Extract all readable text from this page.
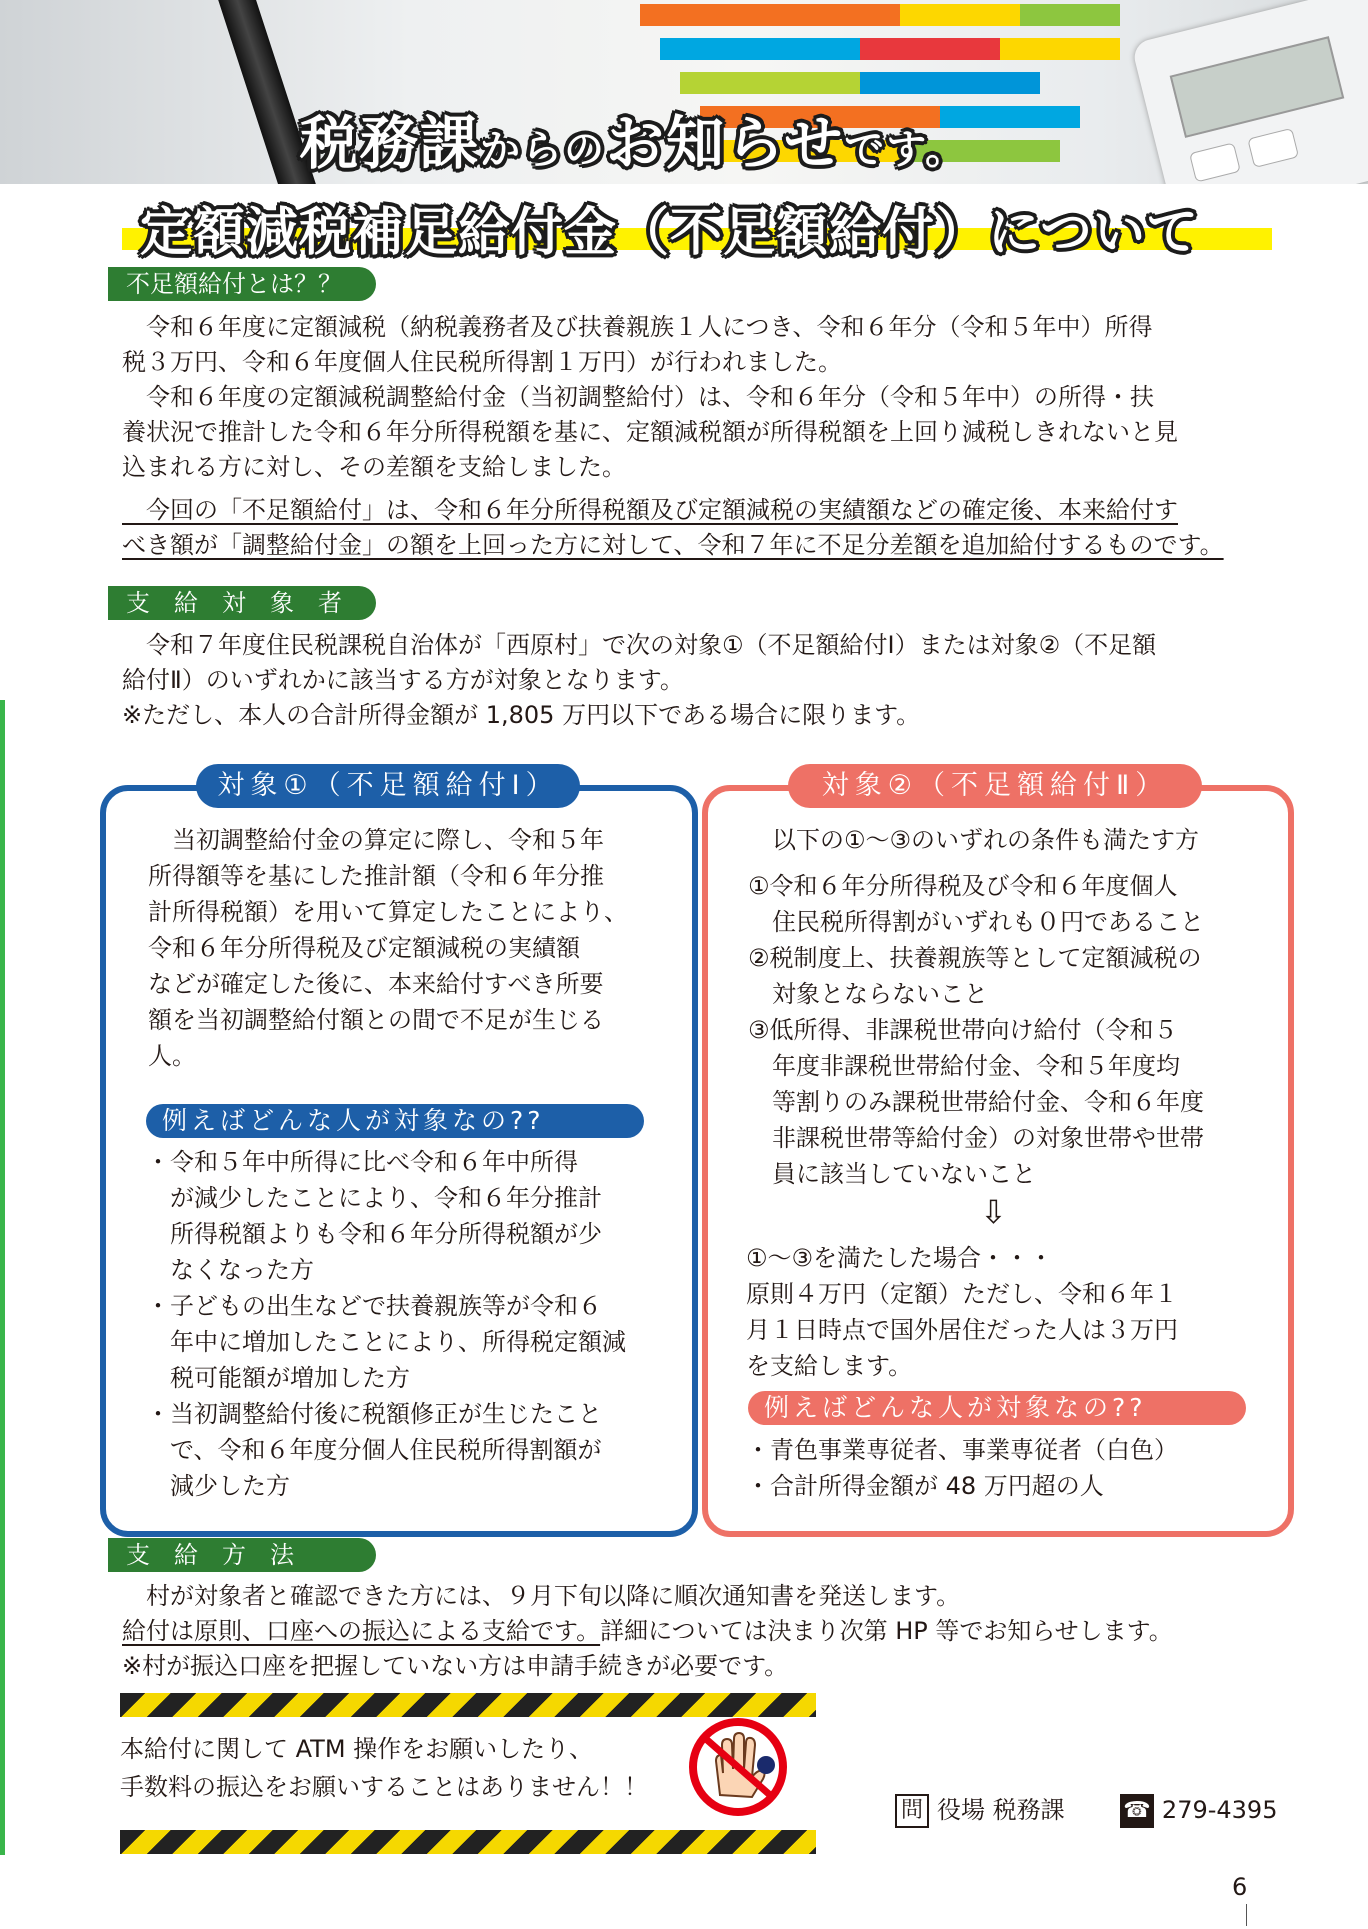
税務課からのお知らせです。
定額減税補足給付金（不足額給付）について
不足額給付とは？？
　令和６年度に定額減税（納税義務者及び扶養親族１人につき、令和６年分（令和５年中）所得
税３万円、令和６年度個人住民税所得割１万円）が行われました。
　令和６年度の定額減税調整給付金（当初調整給付）は、令和６年分（令和５年中）の所得・扶
養状況で推計した令和６年分所得税額を基に、定額減税額が所得税額を上回り減税しきれないと見
込まれる方に対し、その差額を支給しました。
　今回の「不足額給付」は、令和６年分所得税額及び定額減税の実績額などの確定後、本来給付す
べき額が「調整給付金」の額を上回った方に対して、令和７年に不足分差額を追加給付するものです。
支　給　対　象　者
　令和７年度住民税課税自治体が「西原村」で次の対象①（不足額給付Ⅰ）または対象②（不足額
給付Ⅱ）のいずれかに該当する方が対象となります。
※ただし、本人の合計所得金額が 1,805 万円以下である場合に限ります。
対象①（不足額給付Ⅰ）
　当初調整給付金の算定に際し、令和５年
所得額等を基にした推計額（令和６年分推
計所得税額）を用いて算定したことにより、
令和６年分所得税及び定額減税の実績額
などが確定した後に、本来給付すべき所要
額を当初調整給付額との間で不足が生じる
人。
例えばどんな人が対象なの??
・令和５年中所得に比べ令和６年中所得
　が減少したことにより、令和６年分推計
　所得税額よりも令和６年分所得税額が少
　なくなった方
・子どもの出生などで扶養親族等が令和６
　年中に増加したことにより、所得税定額減
　税可能額が増加した方
・当初調整給付後に税額修正が生じたこと
　で、令和６年度分個人住民税所得割額が
　減少した方
対象②（不足額給付Ⅱ）
　以下の①～③のいずれの条件も満たす方
①令和６年分所得税及び令和６年度個人
　住民税所得割がいずれも０円であること
②税制度上、扶養親族等として定額減税の
　対象とならないこと
③低所得、非課税世帯向け給付（令和５
　年度非課税世帯給付金、令和５年度均
　等割りのみ課税世帯給付金、令和６年度
　非課税世帯等給付金）の対象世帯や世帯
　員に該当していないこと
⇩
①～③を満たした場合・・・
原則４万円（定額）ただし、令和６年１
月１日時点で国外居住だった人は３万円
を支給します。
例えばどんな人が対象なの??
・青色事業専従者、事業専従者（白色）
・合計所得金額が 48 万円超の人
支　給　方　法
　村が対象者と確認できた方には、９月下旬以降に順次通知書を発送します。
給付は原則、口座への振込による支給です。詳細については決まり次第 HP 等でお知らせします。
※村が振込口座を把握していない方は申請手続きが必要です。
本給付に関して ATM 操作をお願いしたり、
手数料の振込をお願いすることはありません！！
問 役場 税務課	☎ 279-4395
6
